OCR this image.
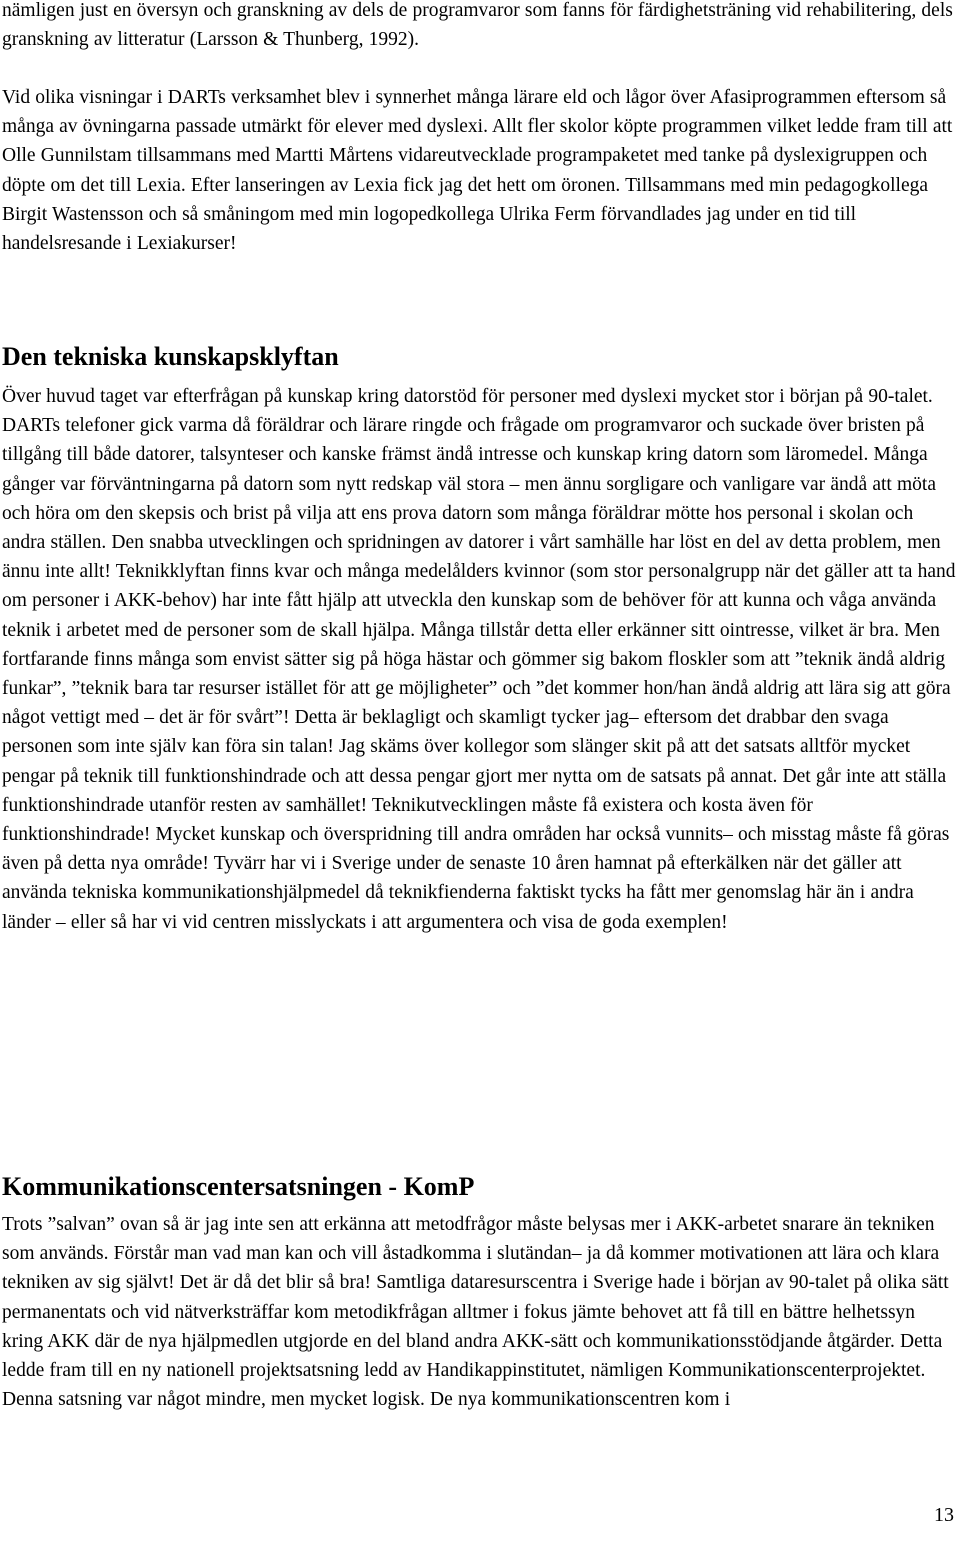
nämligen just en översyn och granskning av dels de programvaror som fanns för färdighetsträning vid rehabilitering, dels granskning av litteratur (Larsson & Thunberg, 1992).

Vid olika visningar i DARTs verksamhet blev i synnerhet många lärare eld och lågor över Afasiprogrammen eftersom så många av övningarna passade utmärkt för elever med dyslexi. Allt fler skolor köpte programmen vilket ledde fram till att Olle Gunnilstam tillsammans med Martti Mårtens vidareutvecklade programpaketet med tanke på dyslexigruppen och döpte om det till Lexia. Efter lanseringen av Lexia fick jag det hett om öronen. Tillsammans med min pedagogkollega Birgit Wastensson och så småningom med min logopedkollega Ulrika Ferm förvandlades jag under en tid till handelsresande i Lexiakurser!

Den tekniska kunskapsklyftan

Över huvud taget var efterfrågan på kunskap kring datorstöd för personer med dyslexi mycket stor i början på 90-talet. DARTs telefoner gick varma då föräldrar och lärare ringde och frågade om programvaror och suckade över bristen på tillgång till både datorer, talsynteser och kanske främst ändå intresse och kunskap kring datorn som läromedel. Många gånger var förväntningarna på datorn som nytt redskap väl stora – men ännu sorgligare och vanligare var ändå att möta och höra om den skepsis och brist på vilja att ens prova datorn som många föräldrar mötte hos personal i skolan och andra ställen. Den snabba utvecklingen och spridningen av datorer i vårt samhälle har löst en del av detta problem, men ännu inte allt! Teknikklyftan finns kvar och många medelålders kvinnor (som stor personalgrupp när det gäller att ta hand om personer i AKK-behov) har inte fått hjälp att utveckla den kunskap som de behöver för att kunna och våga använda teknik i arbetet med de personer som de skall hjälpa. Många tillstår detta eller erkänner sitt ointresse, vilket är bra. Men fortfarande finns många som envist sätter sig på höga hästar och gömmer sig bakom floskler som att ”teknik ändå aldrig funkar”, ”teknik bara tar resurser istället för att ge möjligheter” och ”det kommer hon/han ändå aldrig att lära sig att göra något vettigt med – det är för svårt”! Detta är beklagligt och skamligt tycker jag– eftersom det drabbar den svaga personen som inte själv kan föra sin talan! Jag skäms över kollegor som slänger skit på att det satsats alltför mycket pengar på teknik till funktionshindrade och att dessa pengar gjort mer nytta om de satsats på annat. Det går inte att ställa funktionshindrade utanför resten av samhället! Teknikutvecklingen måste få existera och kosta även för funktionshindrade! Mycket kunskap och överspridning till andra områden har också vunnits– och misstag måste få göras även på detta nya område! Tyvärr har vi i Sverige under de senaste 10 åren hamnat på efterkälken när det gäller att använda tekniska kommunikationshjälpmedel då teknikfienderna faktiskt tycks ha fått mer genomslag här än i andra länder – eller så har vi vid centren misslyckats i att argumentera och visa de goda exemplen!

Kommunikationscentersatsningen - KomP

Trots ”salvan” ovan så är jag inte sen att erkänna att metodfrågor måste belysas mer i AKK-arbetet snarare än tekniken som används. Förstår man vad man kan och vill åstadkomma i slutändan– ja då kommer motivationen att lära och klara tekniken av sig självt! Det är då det blir så bra! Samtliga dataresurscentra i Sverige hade i början av 90-talet på olika sätt permanentats och vid nätverksträffar kom metodikfrågan alltmer i fokus jämte behovet att få till en bättre helhetssyn kring AKK där de nya hjälpmedlen utgjorde en del bland andra AKK-sätt och kommunikationsstödjande åtgärder. Detta ledde fram till en ny nationell projektsatsning ledd av Handikappinstitutet, nämligen Kommunikationscenterprojektet. Denna satsning var något mindre, men mycket logisk. De nya kommunikationscentren kom i

13
